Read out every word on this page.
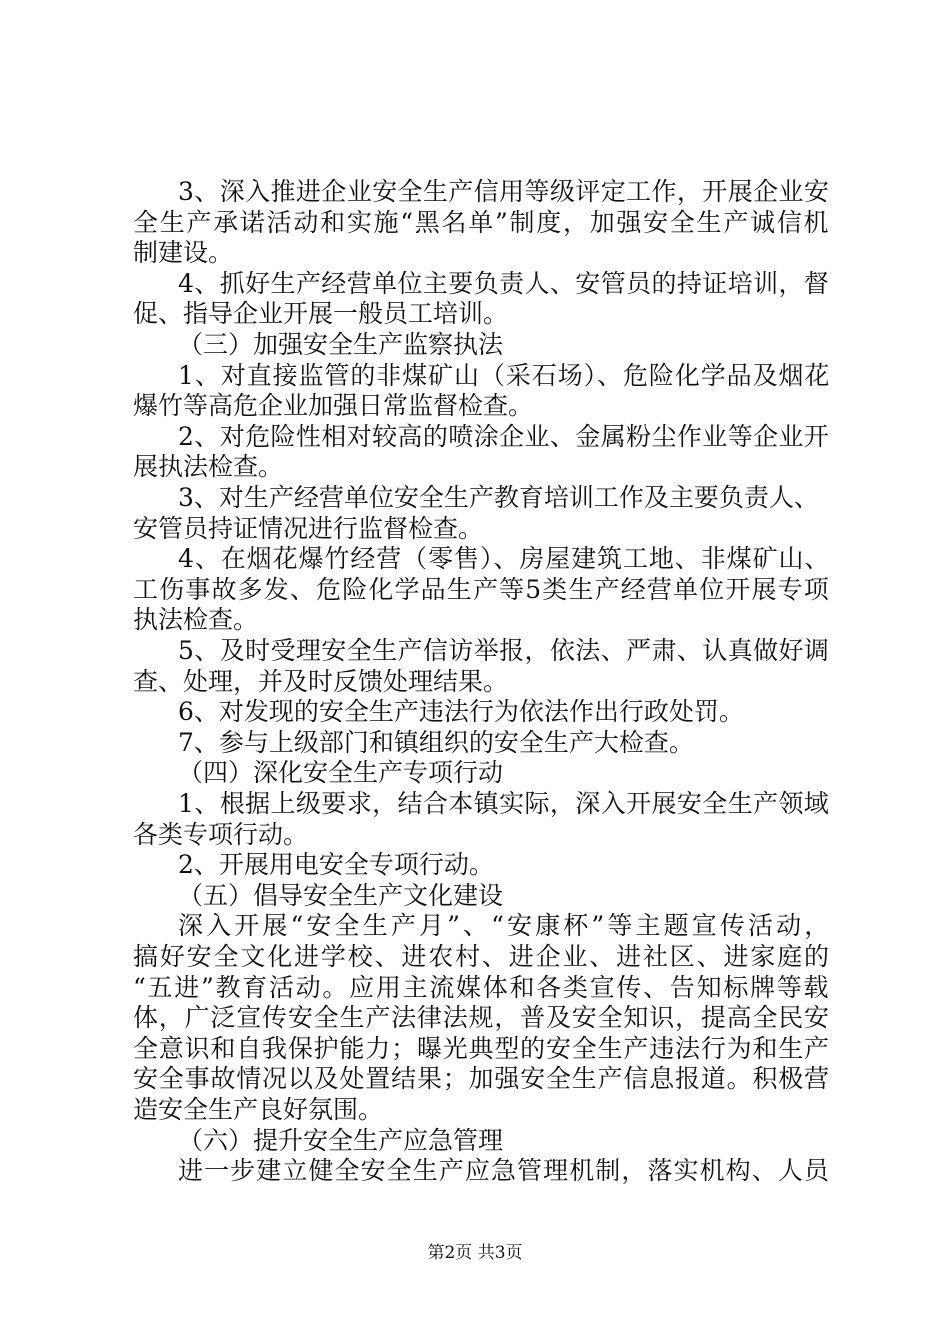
3、深入推进企业安全生产信用等级评定工作，开展企业安
全生产承诺活动和实施“黑名单”制度，加强安全生产诚信机
制建设。
4、抓好生产经营单位主要负责人、安管员的持证培训，督
促、指导企业开展一般员工培训。
（三）加强安全生产监察执法
1、对直接监管的非煤矿山（采石场）、危险化学品及烟花
爆竹等高危企业加强日常监督检查。
2、对危险性相对较高的喷涂企业、金属粉尘作业等企业开
展执法检查。
3、对生产经营单位安全生产教育培训工作及主要负责人、
安管员持证情况进行监督检查。
4、在烟花爆竹经营（零售）、房屋建筑工地、非煤矿山、
工伤事故多发、危险化学品生产等5类生产经营单位开展专项
执法检查。
5、及时受理安全生产信访举报，依法、严肃、认真做好调
查、处理，并及时反馈处理结果。
6、对发现的安全生产违法行为依法作出行政处罚。
7、参与上级部门和镇组织的安全生产大检查。
（四）深化安全生产专项行动
1、根据上级要求，结合本镇实际，深入开展安全生产领域
各类专项行动。
2、开展用电安全专项行动。
（五）倡导安全生产文化建设
深入开展“安全生产月”、“安康杯”等主题宣传活动，
搞好安全文化进学校、进农村、进企业、进社区、进家庭的
“五进”教育活动。应用主流媒体和各类宣传、告知标牌等载
体，广泛宣传安全生产法律法规，普及安全知识，提高全民安
全意识和自我保护能力；曝光典型的安全生产违法行为和生产
安全事故情况以及处置结果；加强安全生产信息报道。积极营
造安全生产良好氛围。
（六）提升安全生产应急管理
进一步建立健全安全生产应急管理机制，落实机构、人员
第2页 共3页
